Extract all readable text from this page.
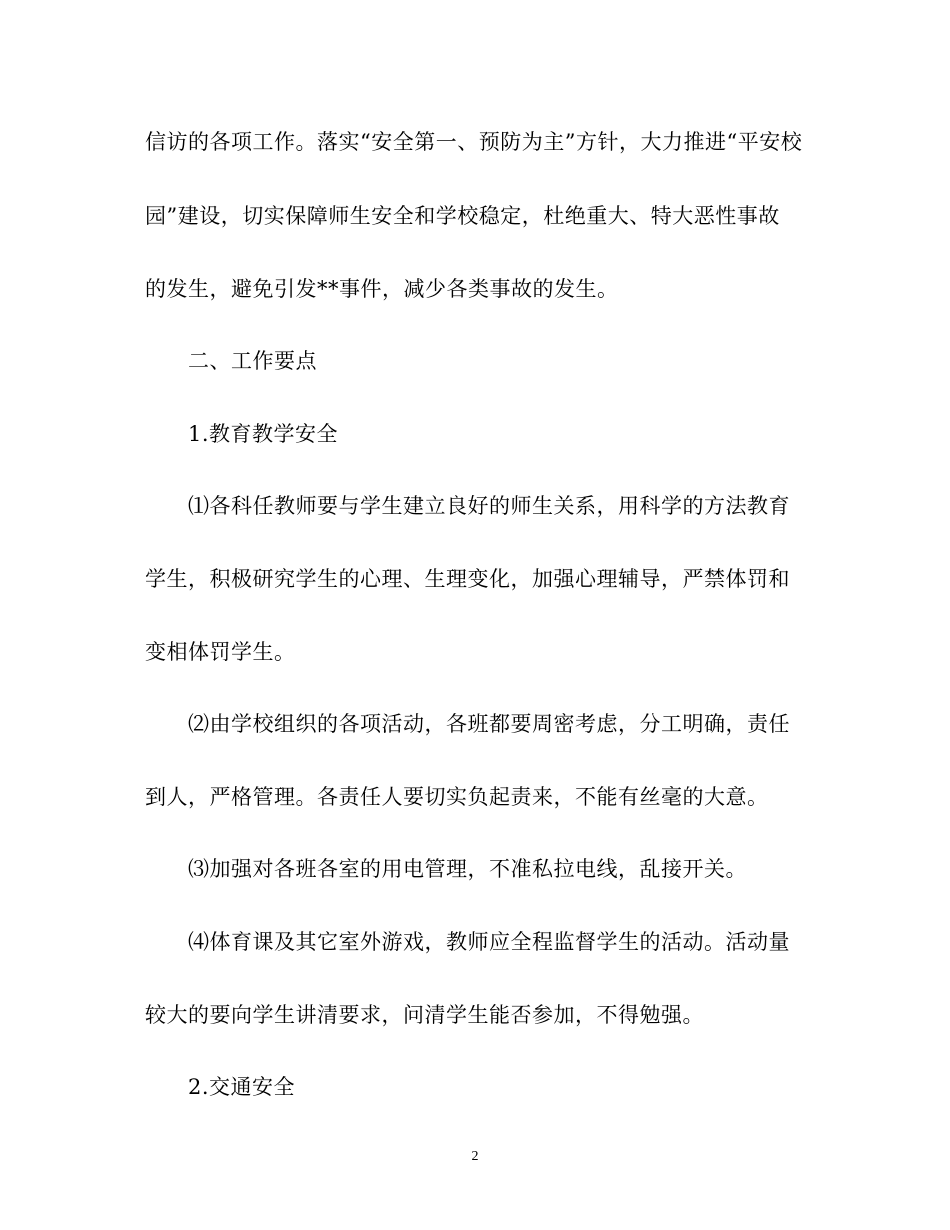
信访的各项工作。落实“安全第一、预防为主”方针，大力推进“平安校
园”建设，切实保障师生安全和学校稳定，杜绝重大、特大恶性事故
的发生，避免引发**事件，减少各类事故的发生。
二、工作要点
1.教育教学安全
⑴各科任教师要与学生建立良好的师生关系，用科学的方法教育
学生，积极研究学生的心理、生理变化，加强心理辅导，严禁体罚和
变相体罚学生。
⑵由学校组织的各项活动，各班都要周密考虑，分工明确，责任
到人，严格管理。各责任人要切实负起责来，不能有丝毫的大意。
⑶加强对各班各室的用电管理，不准私拉电线，乱接开关。
⑷体育课及其它室外游戏，教师应全程监督学生的活动。活动量
较大的要向学生讲清要求，问清学生能否参加，不得勉强。
2.交通安全
2
